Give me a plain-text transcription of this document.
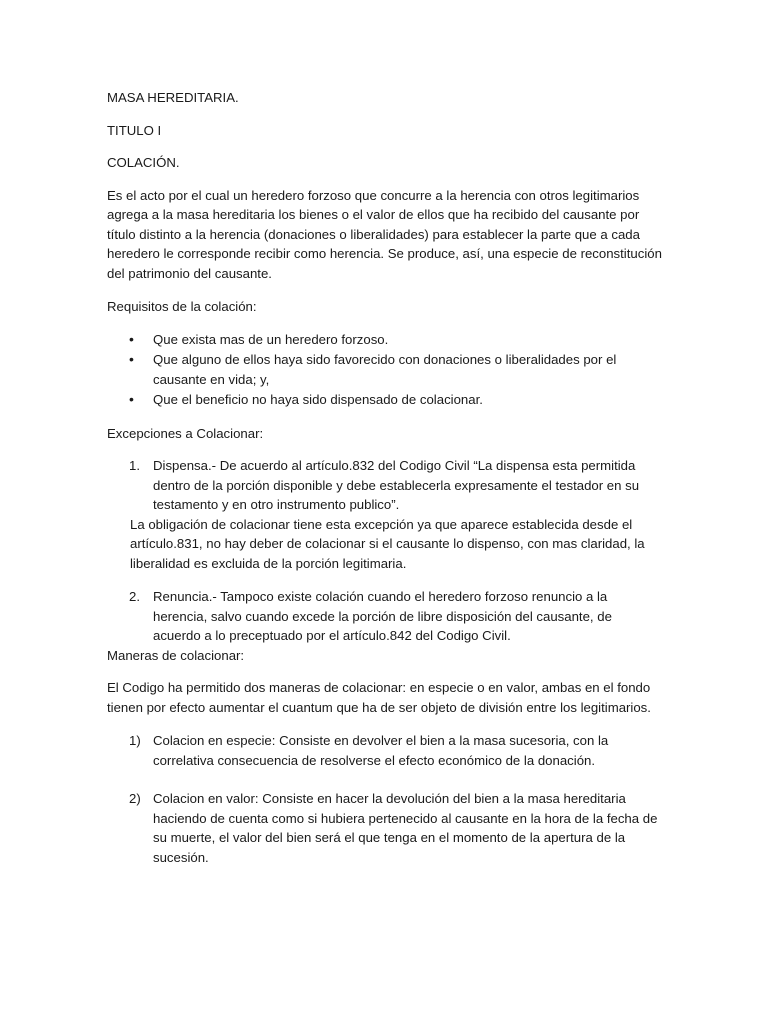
MASA HEREDITARIA.

TITULO I

COLACIÓN.

Es el acto por el cual un heredero forzoso que concurre a la herencia con otros legitimarios agrega a la masa hereditaria los bienes o el valor de ellos que ha recibido del causante por título distinto a la herencia (donaciones o liberalidades) para establecer la parte que a cada heredero le corresponde recibir como herencia. Se produce, así, una especie de reconstitución del patrimonio del causante.

Requisitos de la colación:

• Que exista mas de un heredero forzoso.
• Que alguno de ellos haya sido favorecido con donaciones o liberalidades por el causante en vida; y,
• Que el beneficio no haya sido dispensado de colacionar.

Excepciones a Colacionar:

1. Dispensa.- De acuerdo al artículo.832 del Codigo Civil “La dispensa esta permitida dentro de la porción disponible y debe establecerla expresamente el testador en su testamento y en otro instrumento publico”.

La obligación de colacionar tiene esta excepción ya que aparece establecida desde el artículo.831, no hay deber de colacionar si el causante lo dispenso, con mas claridad, la liberalidad es excluida de la porción legitimaria.

2. Renuncia.- Tampoco existe colación cuando el heredero forzoso renuncio a la herencia, salvo cuando excede la porción de libre disposición del causante, de acuerdo a lo preceptuado por el artículo.842 del Codigo Civil.

Maneras de colacionar:

El Codigo ha permitido dos maneras de colacionar: en especie o en valor, ambas en el fondo tienen por efecto aumentar el cuantum que ha de ser objeto de división entre los legitimarios.

1) Colacion en especie: Consiste en devolver el bien a la masa sucesoria, con la correlativa consecuencia de resolverse el efecto económico de la donación.
2) Colacion en valor: Consiste en hacer la devolución del bien a la masa hereditaria haciendo de cuenta como si hubiera pertenecido al causante en la hora de la fecha de su muerte, el valor del bien será el que tenga en el momento de la apertura de la sucesión.
